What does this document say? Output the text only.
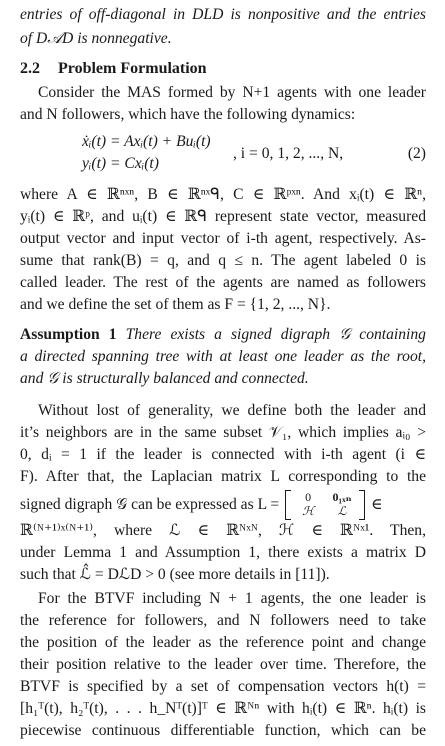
entries of off-diagonal in DLD is nonpositive and the entries
of D𝒜D is nonnegative.
2.2 Problem Formulation
Consider the MAS formed by N+1 agents with one leader
and N followers, which have the following dynamics:
ẋᵢ(t) = Axᵢ(t) + Buᵢ(t)
yᵢ(t) = Cxᵢ(t)
, i = 0, 1, 2, ..., N,	(2)
where A ∈ ℝⁿˣⁿ, B ∈ ℝⁿˣᑫ, C ∈ ℝᵖˣⁿ. And xᵢ(t) ∈ ℝⁿ,
yᵢ(t) ∈ ℝᵖ, and uᵢ(t) ∈ ℝᑫ represent state vector, measured
output vector and input vector of i-th agent, respectively. As-
sume that rank(B) = q, and q ≤ n. The agent labeled 0 is
called leader. The rest of the agents are named as followers
and we define the set of them as F = {1, 2, ..., N}.
Assumption 1 There exists a signed digraph 𝒢 containing
a directed spanning tree with at least one leader as the root,
and 𝒢 is structurally balanced and connected.
Without lost of generality, we define both the leader and
it’s neighbors are in the same subset 𝒱₁, which implies aᵢ₀ >
0, dᵢ = 1 if the leader is connected with i-th agent (i ∈
F). After that, the Laplacian matrix L corresponding to the
signed digraph 𝒢 can be expressed as L =	0	0₁ₓₙ
ℋ	ℒ	∈
ℝ⁽ᴺ⁺¹⁾ˣ⁽ᴺ⁺¹⁾, where ℒ ∈ ℝᴺˣᴺ, ℋ ∈ ℝᴺˣ¹. Then,
under Lemma 1 and Assumption 1, there exists a matrix D
such that ℒ̂ = DℒD > 0 (see more details in [11]).
For the BTVF including N + 1 agents, the one leader is
the reference for followers, and N followers need to take
the position of the leader as the reference point and change
their position relative to the leader over time. Therefore, the
BTVF is specified by a set of compensation vectors h(t) =
[h₁ᵀ(t), h₂ᵀ(t), . . . h_Nᵀ(t)]ᵀ ∈ ℝᴺⁿ with hᵢ(t) ∈ ℝⁿ. hᵢ(t) is
piecewise continuous differentiable function, which can be
